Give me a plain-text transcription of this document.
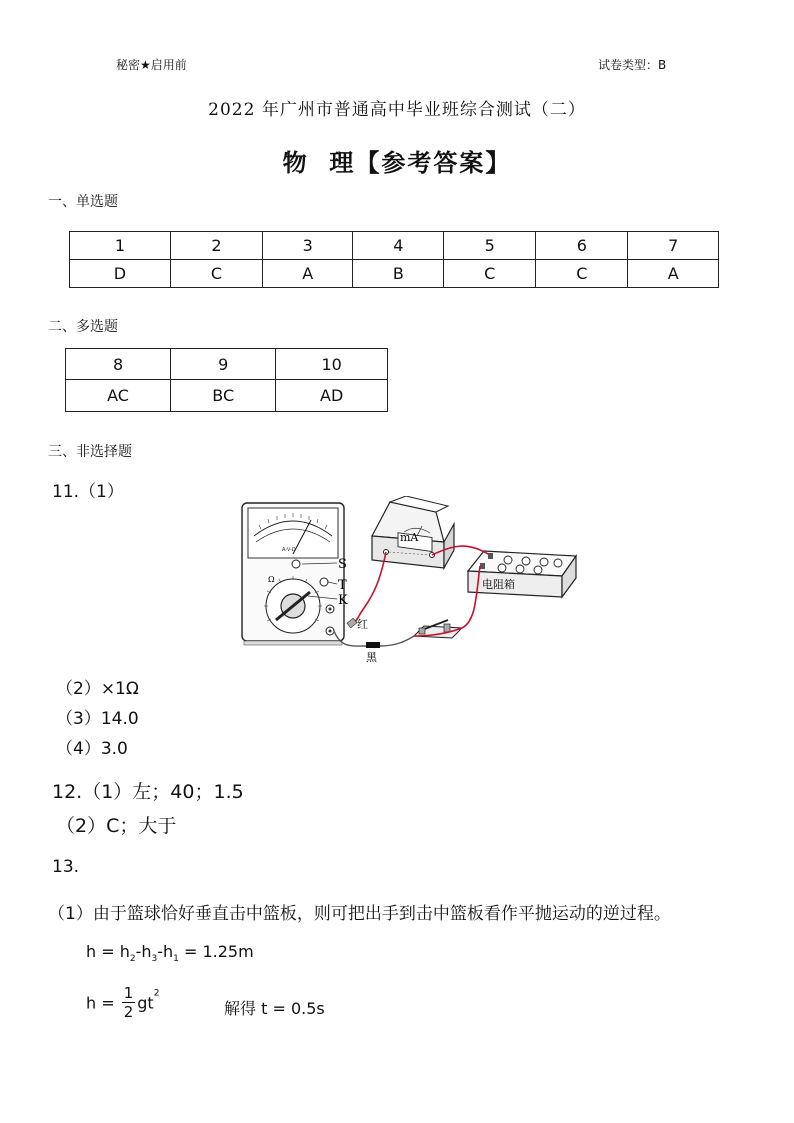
秘密★启用前	试卷类型：B
2022 年广州市普通高中毕业班综合测试（二）
物  理【参考答案】
一、单选题
1	2	3	4	5	6	7
D	C	A	B	C	C	A
二、多选题
8	9	10
AC	BC	AD
三、非选择题
11.（1）
A-V-Ω
Ω
S
T
K
mA
电阻箱
红
黑
（2）×1Ω
（3）14.0
（4）3.0
12.（1）左；40；1.5
（2）C；大于
13.
（1）由于篮球恰好垂直击中篮板，则可把出手到击中篮板看作平抛运动的逆过程。
$h = h_2-h_3-h_1 = 1.25m$
$h = \frac{1}{2} gt^2$
解得 t = 0.5s
